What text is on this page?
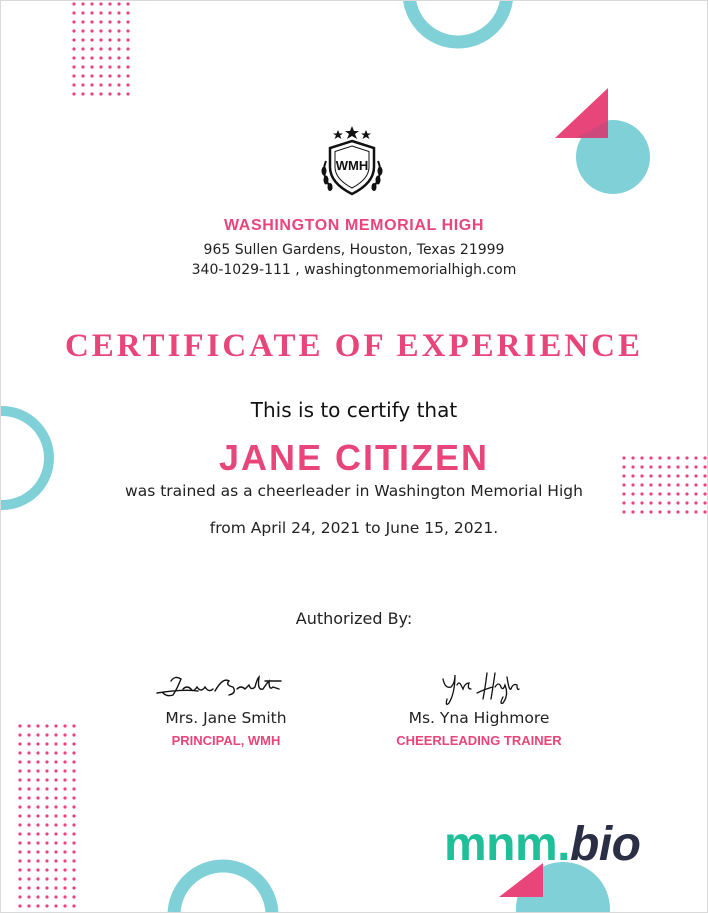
WMH
WASHINGTON MEMORIAL HIGH
965 Sullen Gardens, Houston, Texas 21999
340-1029-111 , washingtonmemorialhigh.com
CERTIFICATE OF EXPERIENCE
This is to certify that
JANE CITIZEN
was trained as a cheerleader in Washington Memorial High
from April 24, 2021 to June 15, 2021.
Authorized By:
Mrs. Jane Smith
PRINCIPAL, WMH
Ms. Yna Highmore
CHEERLEADING TRAINER
mnm.bio
